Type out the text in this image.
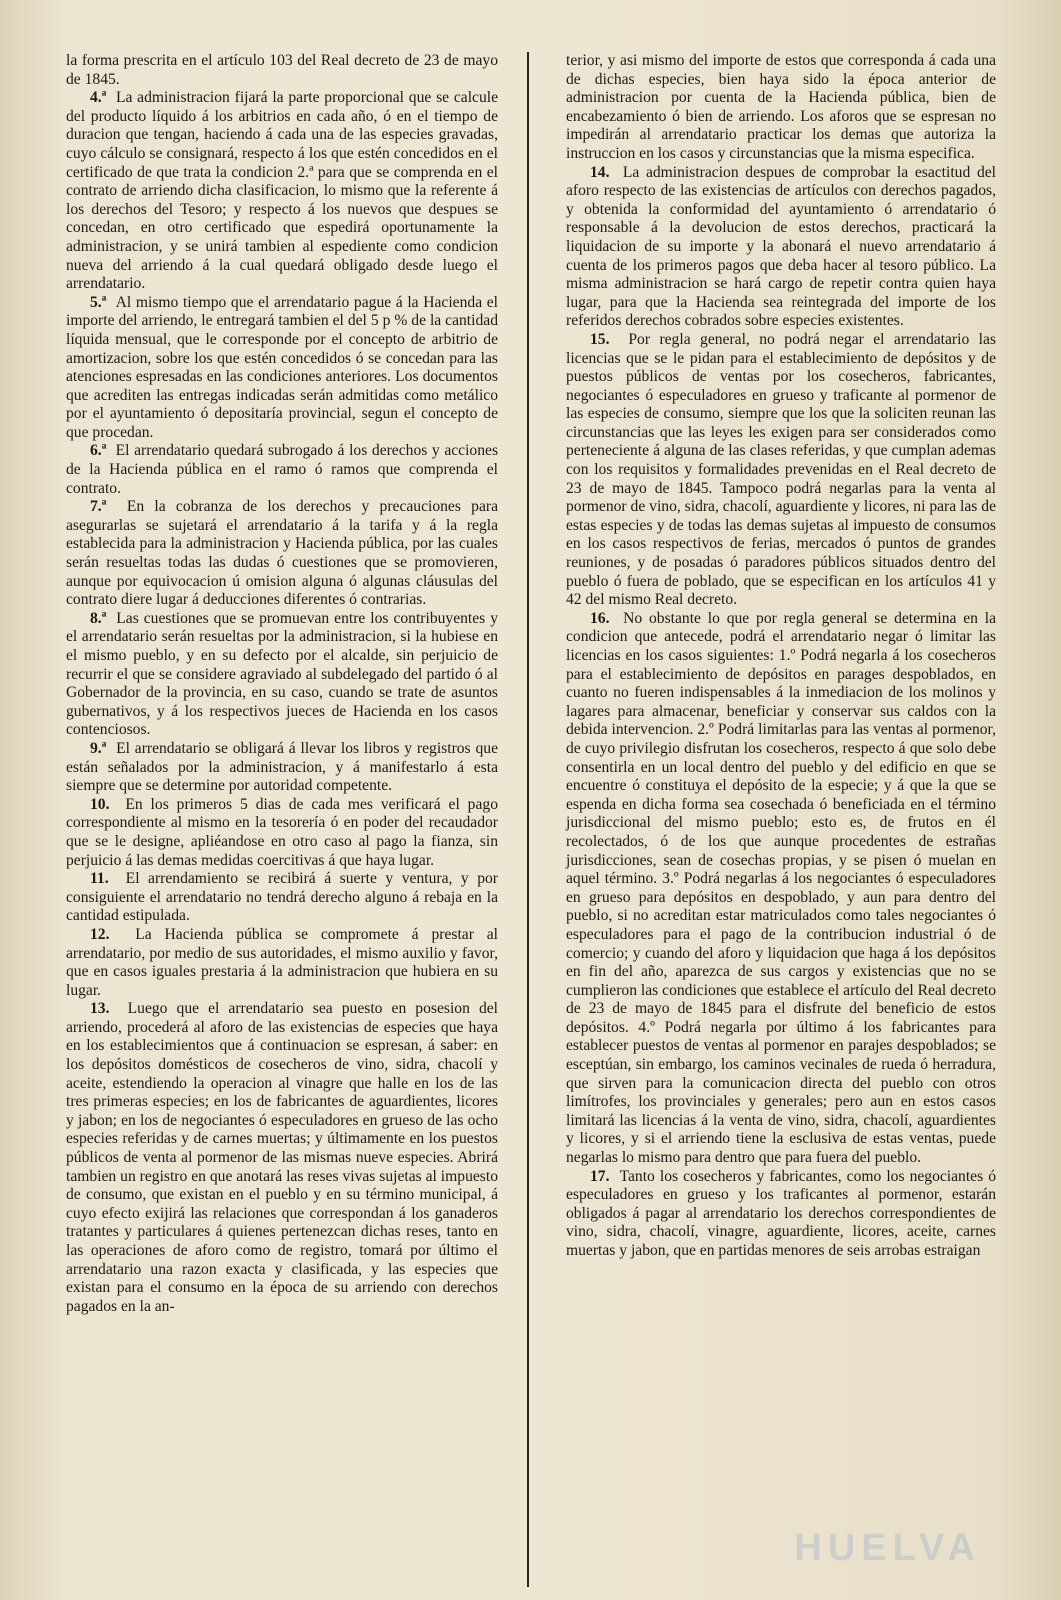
la forma prescrita en el artículo 103 del Real decreto de 23 de mayo de 1845.

4.ª La administracion fijará la parte proporcional que se calcule del producto líquido á los arbitrios en cada año, ó en el tiempo de duracion que tengan, haciendo á cada una de las especies gravadas, cuyo cálculo se consignará, respecto á los que estén concedidos en el certificado de que trata la condicion 2.ª para que se comprenda en el contrato de arriendo dicha clasificacion, lo mismo que la referente á los derechos del Tesoro; y respecto á los nuevos que despues se concedan, en otro certificado que espedirá oportunamente la administracion, y se unirá tambien al espediente como condicion nueva del arriendo á la cual quedará obligado desde luego el arrendatario.

5.ª Al mismo tiempo que el arrendatario pague á la Hacienda el importe del arriendo, le entregará tambien el del 5 p % de la cantidad líquida mensual, que le corresponde por el concepto de arbitrio de amortizacion, sobre los que estén concedidos ó se concedan para las atenciones espresadas en las condiciones anteriores. Los documentos que acrediten las entregas indicadas serán admitidas como metálico por el ayuntamiento ó depositaría provincial, segun el concepto de que procedan.

6.ª El arrendatario quedará subrogado á los derechos y acciones de la Hacienda pública en el ramo ó ramos que comprenda el contrato.

7.ª En la cobranza de los derechos y precauciones para asegurarlas se sujetará el arrendatario á la tarifa y á la regla establecida para la administracion y Hacienda pública, por las cuales serán resueltas todas las dudas ó cuestiones que se promovieren, aunque por equivocacion ú omision alguna ó algunas cláusulas del contrato diere lugar á deducciones diferentes ó contrarias.

8.ª Las cuestiones que se promuevan entre los contribuyentes y el arrendatario serán resueltas por la administracion, si la hubiese en el mismo pueblo, y en su defecto por el alcalde, sin perjuicio de recurrir el que se considere agraviado al subdelegado del partido ó al Gobernador de la provincia, en su caso, cuando se trate de asuntos gubernativos, y á los respectivos jueces de Hacienda en los casos contenciosos.

9.ª El arrendatario se obligará á llevar los libros y registros que están señalados por la administracion, y á manifestarlo á esta siempre que se determine por autoridad competente.

10. En los primeros 5 dias de cada mes verificará el pago correspondiente al mismo en la tesorería ó en poder del recaudador que se le designe, apliéandose en otro caso al pago la fianza, sin perjuicio á las demas medidas coercitivas á que haya lugar.

11. El arrendamiento se recibirá á suerte y ventura, y por consiguiente el arrendatario no tendrá derecho alguno á rebaja en la cantidad estipulada.

12. La Hacienda pública se compromete á prestar al arrendatario, por medio de sus autoridades, el mismo auxilio y favor, que en casos iguales prestaria á la administracion que hubiera en su lugar.

13. Luego que el arrendatario sea puesto en posesion del arriendo, procederá al aforo de las existencias de especies que haya en los establecimientos que á continuacion se espresan, á saber: en los depósitos domésticos de cosecheros de vino, sidra, chacolí y aceite, estendiendo la operacion al vinagre que halle en los de las tres primeras especies; en los de fabricantes de aguardientes, licores y jabon; en los de negociantes ó especuladores en grueso de las ocho especies referidas y de carnes muertas; y últimamente en los puestos públicos de venta al pormenor de las mismas nueve especies. Abrirá tambien un registro en que anotará las reses vivas sujetas al impuesto de consumo, que existan en el pueblo y en su término municipal, á cuyo efecto exijirá las relaciones que correspondan á los ganaderos tratantes y particulares á quienes pertenezcan dichas reses, tanto en las operaciones de aforo como de registro, tomará por último el arrendatario una razon exacta y clasificada, y las especies que existan para el consumo en la época de su arriendo con derechos pagados en la an-

terior, y asi mismo del importe de estos que corresponda á cada una de dichas especies, bien haya sido la época anterior de administracion por cuenta de la Hacienda pública, bien de encabezamiento ó bien de arriendo. Los aforos que se espresan no impedirán al arrendatario practicar los demas que autoriza la instruccion en los casos y circunstancias que la misma especifica.

14. La administracion despues de comprobar la esactitud del aforo respecto de las existencias de artículos con derechos pagados, y obtenida la conformidad del ayuntamiento ó arrendatario ó responsable á la devolucion de estos derechos, practicará la liquidacion de su importe y la abonará el nuevo arrendatario á cuenta de los primeros pagos que deba hacer al tesoro público. La misma administracion se hará cargo de repetir contra quien haya lugar, para que la Hacienda sea reintegrada del importe de los referidos derechos cobrados sobre especies existentes.

15. Por regla general, no podrá negar el arrendatario las licencias que se le pidan para el establecimiento de depósitos y de puestos públicos de ventas por los cosecheros, fabricantes, negociantes ó especuladores en grueso y traficante al pormenor de las especies de consumo, siempre que los que la soliciten reunan las circunstancias que las leyes les exigen para ser considerados como perteneciente á alguna de las clases referidas, y que cumplan ademas con los requisitos y formalidades prevenidas en el Real decreto de 23 de mayo de 1845. Tampoco podrá negarlas para la venta al pormenor de vino, sidra, chacolí, aguardiente y licores, ni para las de estas especies y de todas las demas sujetas al impuesto de consumos en los casos respectivos de ferias, mercados ó puntos de grandes reuniones, y de posadas ó paradores públicos situados dentro del pueblo ó fuera de poblado, que se especifican en los artículos 41 y 42 del mismo Real decreto.

16. No obstante lo que por regla general se determina en la condicion que antecede, podrá el arrendatario negar ó limitar las licencias en los casos siguientes: 1.º Podrá negarla á los cosecheros para el establecimiento de depósitos en parages despoblados, en cuanto no fueren indispensables á la inmediacion de los molinos y lagares para almacenar, beneficiar y conservar sus caldos con la debida intervencion. 2.º Podrá limitarlas para las ventas al pormenor, de cuyo privilegio disfrutan los cosecheros, respecto á que solo debe consentirla en un local dentro del pueblo y del edificio en que se encuentre ó constituya el depósito de la especie; y á que la que se espenda en dicha forma sea cosechada ó beneficiada en el término jurisdiccional del mismo pueblo; esto es, de frutos en él recolectados, ó de los que aunque procedentes de estrañas jurisdicciones, sean de cosechas propias, y se pisen ó muelan en aquel término. 3.º Podrá negarlas á los negociantes ó especuladores en grueso para depósitos en despoblado, y aun para dentro del pueblo, si no acreditan estar matriculados como tales negociantes ó especuladores para el pago de la contribucion industrial ó de comercio; y cuando del aforo y liquidacion que haga á los depósitos en fin del año, aparezca de sus cargos y existencias que no se cumplieron las condiciones que establece el artículo del Real decreto de 23 de mayo de 1845 para el disfrute del beneficio de estos depósitos. 4.º Podrá negarla por último á los fabricantes para establecer puestos de ventas al pormenor en parajes despoblados; se esceptúan, sin embargo, los caminos vecinales de rueda ó herradura, que sirven para la comunicacion directa del pueblo con otros limítrofes, los provinciales y generales; pero aun en estos casos limitará las licencias á la venta de vino, sidra, chacolí, aguardientes y licores, y si el arriendo tiene la esclusiva de estas ventas, puede negarlas lo mismo para dentro que para fuera del pueblo.

17. Tanto los cosecheros y fabricantes, como los negociantes ó especuladores en grueso y los traficantes al pormenor, estarán obligados á pagar al arrendatario los derechos correspondientes de vino, sidra, chacolí, vinagre, aguardiente, licores, aceite, carnes muertas y jabon, que en partidas menores de seis arrobas estraigan

HUELVA
